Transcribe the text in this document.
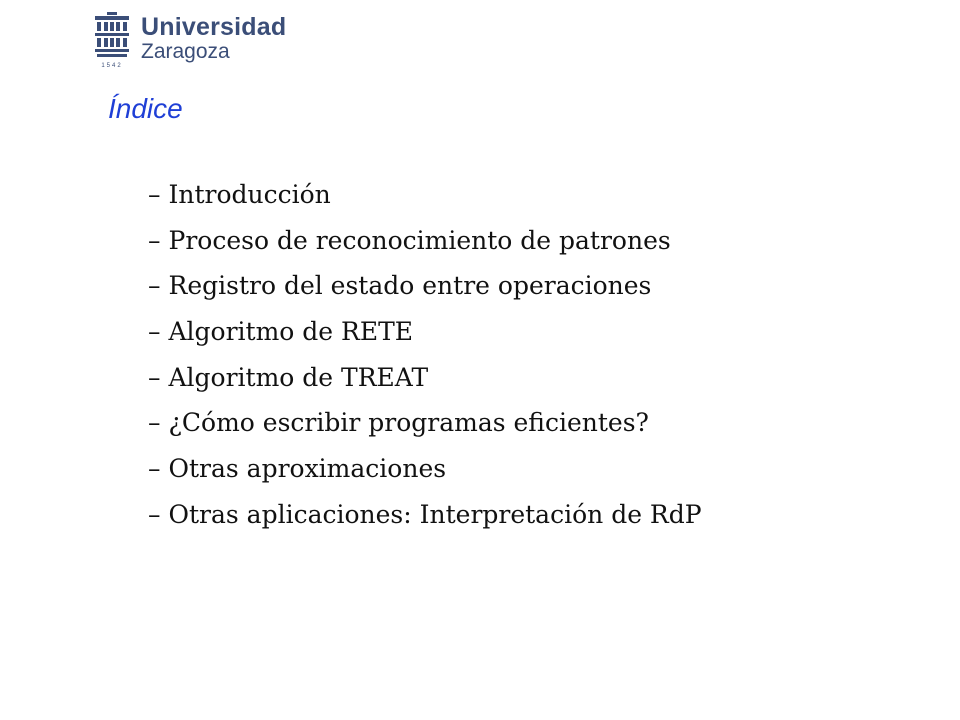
1542
Universidad
Zaragoza
Índice
– Introducción
– Proceso de reconocimiento de patrones
– Registro del estado entre operaciones
– Algoritmo de RETE
– Algoritmo de TREAT
– ¿Cómo escribir programas eficientes?
– Otras aproximaciones
– Otras aplicaciones: Interpretación de RdP
